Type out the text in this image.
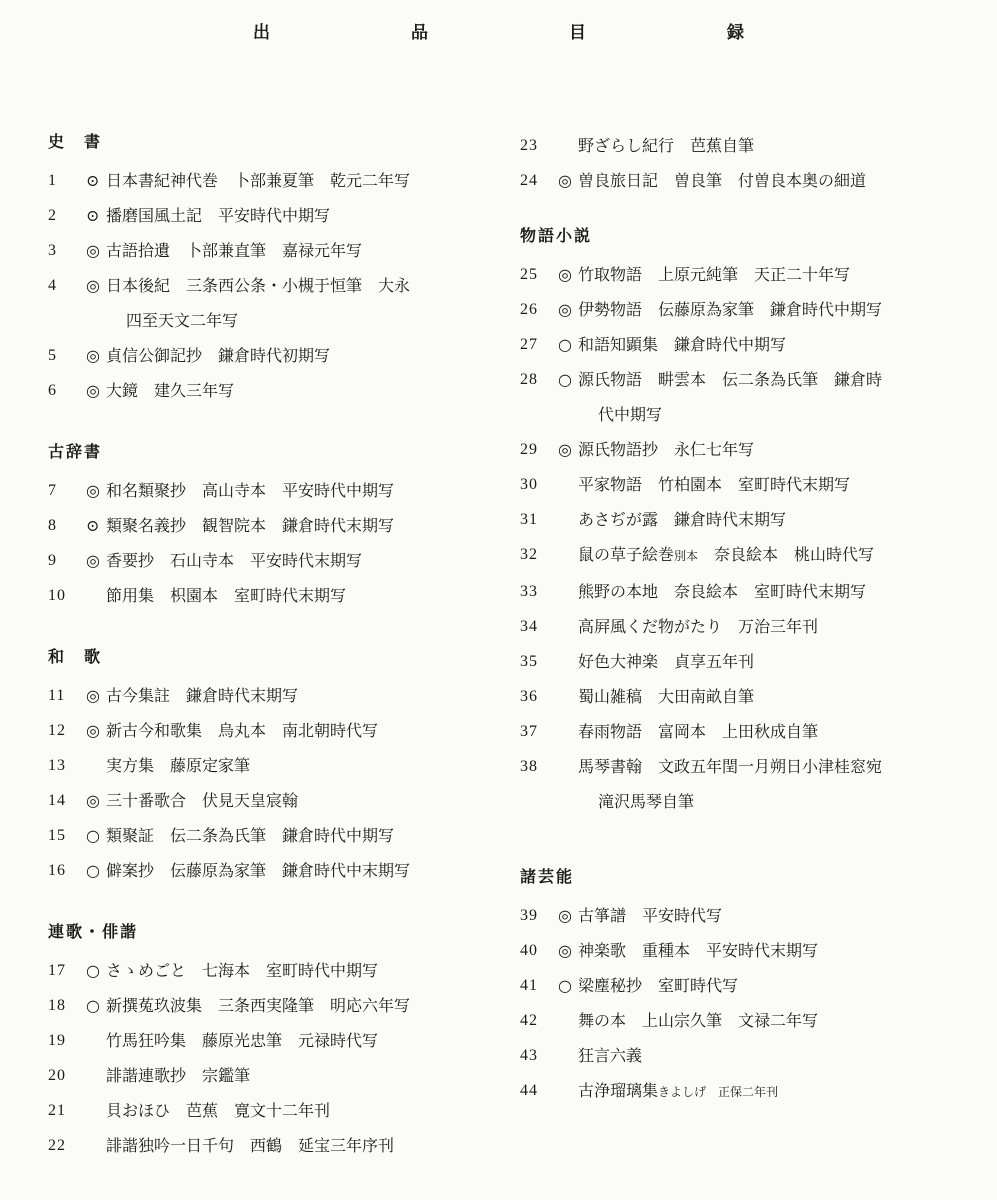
出　品　目　録
史　書
1	⊙ 日本書紀神代巻　卜部兼夏筆　乾元二年写
2	⊙ 播磨国風土記　平安時代中期写
3	◎ 古語拾遺　卜部兼直筆　嘉禄元年写
4	◎ 日本後紀　三条西公条・小槻于恒筆　大永
四至天文二年写
5	◎ 貞信公御記抄　鎌倉時代初期写
6	◎ 大鏡　建久三年写
古辞書
7	◎ 和名類聚抄　高山寺本　平安時代中期写
8	⊙ 類聚名義抄　観智院本　鎌倉時代末期写
9	◎ 香要抄　石山寺本　平安時代末期写
10	節用集　枳園本　室町時代末期写
和　歌
11	◎ 古今集註　鎌倉時代末期写
12	◎ 新古今和歌集　烏丸本　南北朝時代写
13	実方集　藤原定家筆
14	◎ 三十番歌合　伏見天皇宸翰
15	○ 類聚証　伝二条為氏筆　鎌倉時代中期写
16	○ 僻案抄　伝藤原為家筆　鎌倉時代中末期写
連歌・俳諧
17	○ さゝめごと　七海本　室町時代中期写
18	○ 新撰菟玖波集　三条西実隆筆　明応六年写
19	竹馬狂吟集　藤原光忠筆　元禄時代写
20	誹諧連歌抄　宗鑑筆
21	貝おほひ　芭蕉　寛文十二年刊
22	誹諧独吟一日千句　西鶴　延宝三年序刊
23	野ざらし紀行　芭蕉自筆
24	◎ 曽良旅日記　曽良筆　付曽良本奥の細道
物語小説
25	◎ 竹取物語　上原元純筆　天正二十年写
26	◎ 伊勢物語　伝藤原為家筆　鎌倉時代中期写
27	○ 和語知顕集　鎌倉時代中期写
28	○ 源氏物語　畊雲本　伝二条為氏筆　鎌倉時
代中期写
29	◎ 源氏物語抄　永仁七年写
30	平家物語　竹柏園本　室町時代末期写
31	あさぢが露　鎌倉時代末期写
32	鼠の草子絵巻別本　奈良絵本　桃山時代写
33	熊野の本地　奈良絵本　室町時代末期写
34	高屛風くだ物がたり　万治三年刊
35	好色大神楽　貞享五年刊
36	蜀山雑稿　大田南畝自筆
37	春雨物語　富岡本　上田秋成自筆
38	馬琴書翰　文政五年閏一月朔日小津桂窓宛
滝沢馬琴自筆
諸芸能
39	◎ 古箏譜　平安時代写
40	◎ 神楽歌　重種本　平安時代末期写
41	○ 梁塵秘抄　室町時代写
42	舞の本　上山宗久筆　文禄二年写
43	狂言六義
44	古浄瑠璃集きよしげ　正保二年刊
